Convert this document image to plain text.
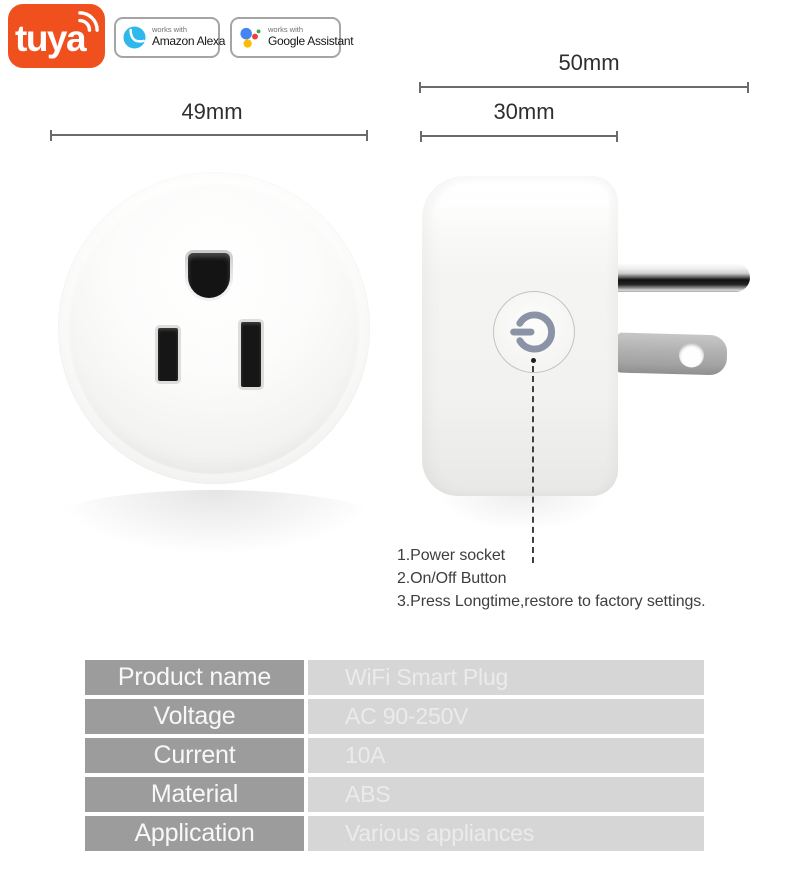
tuya	works with
Amazon Alexa
works with
Google Assistant
49mm
50mm
30mm
1.Power socket
2.On/Off Button
3.Press Longtime,restore to factory settings.
Product name	WiFi Smart Plug
Voltage	AC 90-250V
Current	10A
Material	ABS
Application	Various appliances
